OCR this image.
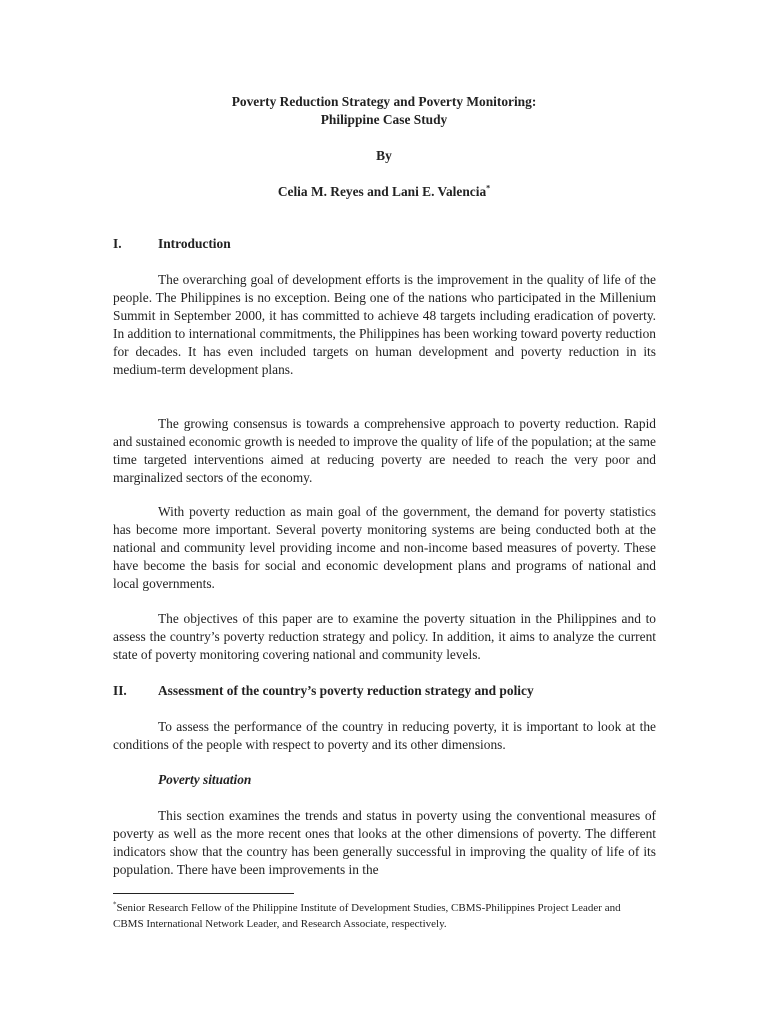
Poverty Reduction Strategy and Poverty Monitoring:

Philippine Case Study

By

Celia M. Reyes and Lani E. Valencia*

I.	Introduction

The overarching goal of development efforts is the improvement in the quality of life of the people. The Philippines is no exception. Being one of the nations who participated in the Millenium Summit in September 2000, it has committed to achieve 48 targets including eradication of poverty. In addition to international commitments, the Philippines has been working toward poverty reduction for decades. It has even included targets on human development and poverty reduction in its medium-term development plans.

The growing consensus is towards a comprehensive approach to poverty reduction. Rapid and sustained economic growth is needed to improve the quality of life of the population; at the same time targeted interventions aimed at reducing poverty are needed to reach the very poor and marginalized sectors of the economy.

With poverty reduction as main goal of the government, the demand for poverty statistics has become more important. Several poverty monitoring systems are being conducted both at the national and community level providing income and non-income based measures of poverty. These have become the basis for social and economic development plans and programs of national and local governments.

The objectives of this paper are to examine the poverty situation in the Philippines and to assess the country’s poverty reduction strategy and policy. In addition, it aims to analyze the current state of poverty monitoring covering national and community levels.

II. Assessment of the country’s poverty reduction strategy and policy

To assess the performance of the country in reducing poverty, it is important to look at the conditions of the people with respect to poverty and its other dimensions.

Poverty situation

This section examines the trends and status in poverty using the conventional measures of poverty as well as the more recent ones that looks at the other dimensions of poverty. The different indicators show that the country has been generally successful in improving the quality of life of its population. There have been improvements in the

*Senior Research Fellow of the Philippine Institute of Development Studies, CBMS-Philippines Project Leader and CBMS International Network Leader, and Research Associate, respectively.
